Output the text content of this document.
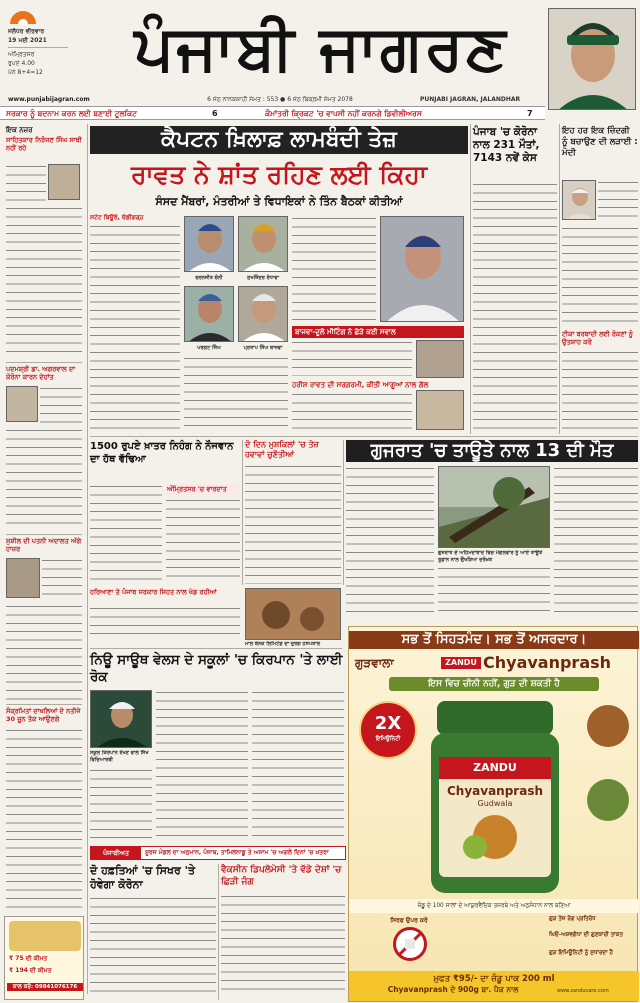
ਜਲੰਧਰ ਵੀਰਵਾਰ
19 ਮਈ 2021
ਅੰਮ੍ਰਿਤਸਰ
ਰੁਪਏ 4.00
ਪੰਨੇ 8+4=12	ਪੰਜਾਬੀ ਜਾਗਰਣ
www.punjabijagran.com	6 ਜੇਠ ਨਾਨਕਸ਼ਾਹੀ ਸੰਮਤ : 553 ● 6 ਜੇਠ ਬਿਕ੍ਰਮੀ ਸੰਮਤ 2078	PUNJABI JAGRAN, JALANDHAR
ਸਰਕਾਰ ਨੂੰ ਬਦਨਾਮ ਕਰਨ ਲਈ ਬਣਾਈ ਟੂਲਕਿਟ	6	ਕੌਮਾਂਤਰੀ ਕ੍ਰਿਕਟ 'ਚ ਵਾਪਸੀ ਨਹੀਂ ਕਰਨਗੇ ਡਿਵੀਲੀਅਰਸ	7
ਇਕ ਨਜ਼ਰ
ਸਾਹਿਤਕਾਰ ਨਿਰੰਜਣ ਸਿੰਘ ਸਾਥੀ ਨਹੀਂ ਰਹੇ
ਪਦਮਸ਼੍ਰੀ ਡਾ. ਅਗਰਵਾਲ ਦਾ ਕੋਰੋਨਾ ਕਾਰਨ ਦੇਹਾਂਤ
ਸੁਸ਼ੀਲ ਦੀ ਪਤਨੀ ਅਦਾਲਤ ਅੱਗੇ ਹਾਜ਼ਰ
ਸੰਕ੍ਰਮਿਤਾਂ ਦਾਖਲਿਆਂ ਦੇ ਨਤੀਜੇ 30 ਜੂਨ ਤੱਕ ਆਉਣਗੇ
₹ 75 ਦੀ ਕੀਮਤ
₹ 194 ਦੀ ਕੀਮਤ
ਕਾਲ ਕਰੋ: 09841076176
ਕੈਪਟਨ ਖ਼ਿਲਾਫ਼ ਲਾਮਬੰਦੀ ਤੇਜ਼
ਰਾਵਤ ਨੇ ਸ਼ਾਂਤ ਰਹਿਣ ਲਈ ਕਿਹਾ
ਸੰਸਦ ਮੈਂਬਰਾਂ, ਮੰਤਰੀਆਂ ਤੇ ਵਿਧਾਇਕਾਂ ਨੇ ਤਿੰਨ ਬੈਠਕਾਂ ਕੀਤੀਆਂ
ਸਟੇਟ ਬਿਊਰੋ, ਚੰਡੀਗੜ੍ਹ
ਚਰਨਜੀਤ ਚੰਨੀ	ਸੁਖਜਿੰਦਰ ਰੰਧਾਵਾ
ਪਰਗਟ ਸਿੰਘ	ਪ੍ਰਤਾਪ ਸਿੰਘ ਬਾਜਵਾ
ਬਾਜਵਾ-ਦੂਲੋ ਮੀਟਿੰਗ ਨੇ ਛੇੜੇ ਕਈ ਸਵਾਲ
ਹਰੀਸ਼ ਰਾਵਤ ਦੀ ਸਰਗਰਮੀ, ਕੀਤੀ ਆਗੂਆਂ ਨਾਲ ਗੱਲ
ਪੰਜਾਬ 'ਚ ਕੋਰੋਨਾ ਨਾਲ 231 ਮੌਤਾਂ, 7143 ਨਵੇਂ ਕੇਸ
ਇਹ ਹਰ ਇਕ ਜ਼ਿੰਦਗੀ ਨੂੰ ਬਚਾਉਣ ਦੀ ਲੜਾਈ : ਮੋਦੀ
ਟੀਕਾ ਬਰਬਾਦੀ ਲਈ ਰੋਕਣਾਂ ਨੂੰ ਉਤਸ਼ਾਹ ਕਰੋ
1500 ਰੁਪਏ ਖ਼ਾਤਰ ਨਿਹੰਗ ਨੇ ਨੌਜਵਾਨ ਦਾ ਹੱਥ ਵੱਢਿਆ
ਅੰਮ੍ਰਿਤਸਰ 'ਚ ਵਾਰਦਾਤ
ਦੋ ਦਿਨ ਮੁਸ਼ਕਿਲਾਂ 'ਚ ਤੇਜ਼ ਹਵਾਵਾਂ ਚੁਣੌਤੀਆਂ	ਗੁਜਰਾਤ 'ਚ ਤਾਊਤੇ ਨਾਲ 13 ਦੀ ਮੌਤ
ਗੁਜਰਾਤ ਦੇ ਅਹਿਮਦਾਬਾਦ ਵਿਚ ਮੰਗਲਵਾਰ ਨੂੰ ਆਏ ਤਾਊਤੇ ਤੂਫ਼ਾਨ ਨਾਲ ਉਖੜਿਆ ਦਰੱਖ਼ਤ
ਹਰਿਆਣਾ ਤੇ ਪੰਜਾਬ ਸਰਕਾਰ ਸਿਹਤ ਨਾਲ ਖੇਡ ਰਹੀਆਂ
ਮਾਲ ਬੇਨਕ ਲਿਮਿਟੇਡ ਦਾ ਦੁਰਗ ਹਸਪਤਾਲ
ਨਿਊ ਸਾਊਥ ਵੇਲਸ ਦੇ ਸਕੂਲਾਂ 'ਚ ਕਿਰਪਾਨ 'ਤੇ ਲਾਈ ਰੋਕ
ਸਕੂਲ ਕਿਰਪਾਨ ਰੱਖਣ ਵਾਲੇ ਸਿੱਖ ਵਿਦਿਆਰਥੀ
ਪੰਜਾਬੀਅਤ	ਸੂਰਜ ਮੰਡਲ ਦਾ ਅਨੁਮਾਨ, ਪੰਜਾਬ, ਤਾਮਿਲਨਾਡੂ ਤੇ ਅਸਾਮ 'ਚ ਅਗਲੇ ਦਿਨਾਂ 'ਚ ਖ਼ਤਰਾ
ਦੋ ਹਫ਼ਤਿਆਂ 'ਚ ਸਿਖਰ 'ਤੇ ਹੋਵੇਗਾ ਕੋਰੋਨਾ
ਵੈਕਸੀਨ ਡਿਪਲੋਮੇਸੀ 'ਤੇ ਵੱਡੇ ਦੇਸ਼ਾਂ 'ਚ ਛਿੜੀ ਜੰਗ
ਸਭ ਤੋਂ ਸਿਹਤਮੰਦ। ਸਭ ਤੋਂ ਅਸਰਦਾਰ।
ਗੁੜਵਾਲਾ	ZANDU Chyavanprash
ਇਸ ਵਿਚ ਚੀਨੀ ਨਹੀਂ, ਗੁੜ ਦੀ ਸ਼ਕਤੀ ਹੈ
2X
ਇਮਿਊਨਿਟੀ
ZANDU
Chyavanprash
Gudwala
ਜ਼ੰਡੂ ਦੇ 100 ਸਾਲਾਂ ਦੇ ਆਯੁਰਵੈਦਿਕ ਤਜਰਬੇ ਅਤੇ ਅਨੁਸੰਧਾਨ ਨਾਲ ਬਣਿਆ
ਸਿਰਫ ਉਪਰ ਕਰੋ	ਗੁੜ ਤੇਜ਼ ਰੋਗ ਪ੍ਰਤਿਰੋਧ
ਘਿਓ-ਅਸ਼ਵਗੰਧਾ ਦੀ ਗੁਣਕਾਰੀ ਤਾਕਤ
ਗੁੜ ਇਮਿਊਨਿਟੀ ਨੂੰ ਸੁਧਾਰਦਾ ਹੈ
ਮੁਫਤ ₹95/- ਦਾ ਜ਼ੰਡੂ ਪਾਕ 200 ml
Chyavanprash ਦੇ 900g ਬਾ. ਪੈਕ ਨਾਲ	www.zanducare.com
